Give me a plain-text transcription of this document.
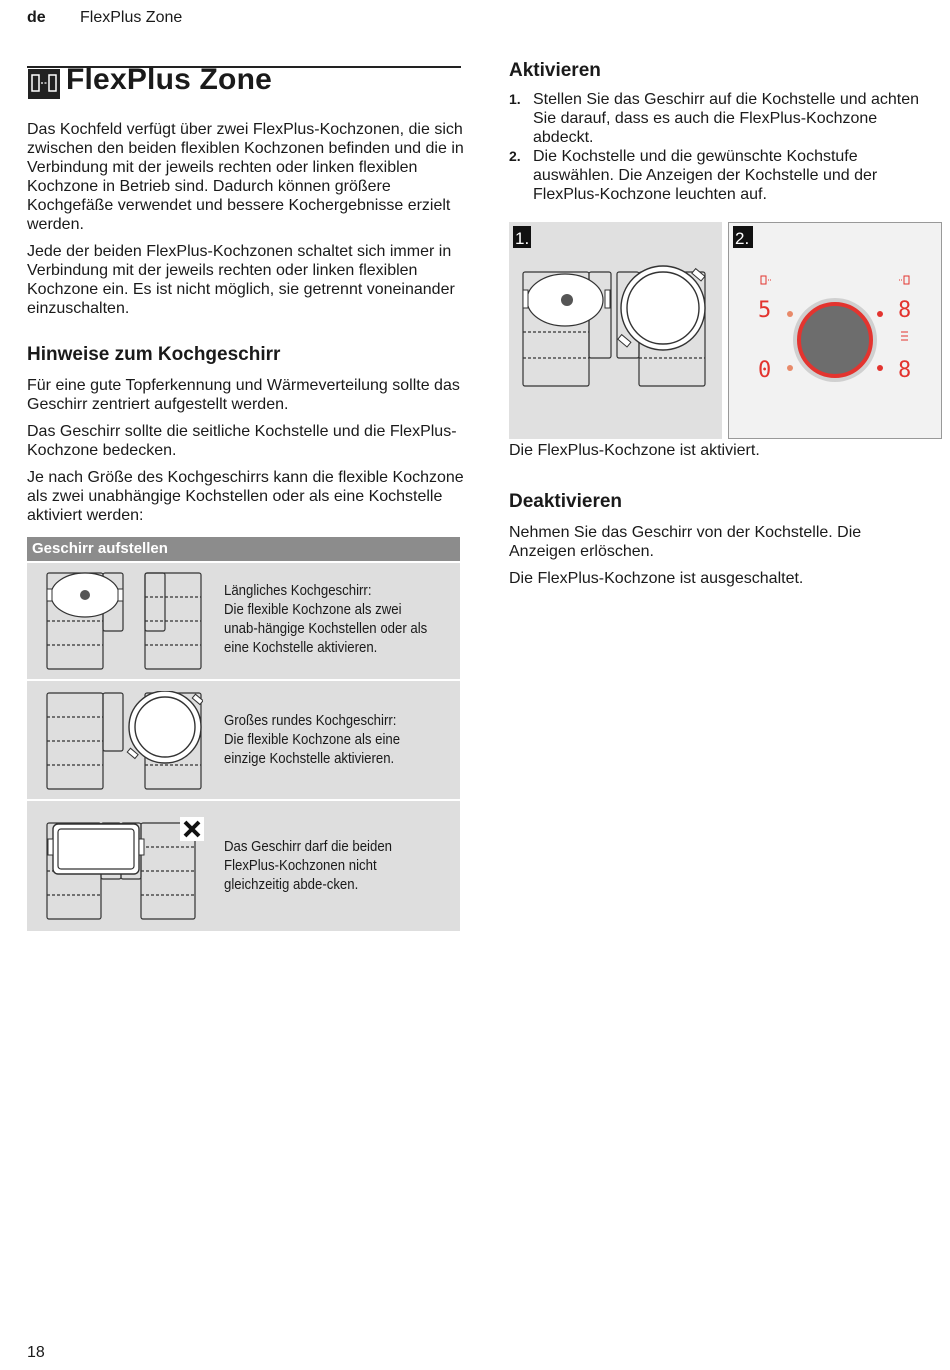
de FlexPlus Zone
FlexPlus Zone

Das Kochfeld verfügt über zwei FlexPlus-Kochzonen, die sich zwischen den beiden flexiblen Kochzonen befinden und die in Verbindung mit der jeweils rechten oder linken flexiblen Kochzone in Betrieb sind. Dadurch können größere Kochgefäße verwendet und bessere Kochergebnisse erzielt werden.

Jede der beiden FlexPlus-Kochzonen schaltet sich immer in Verbindung mit der jeweils rechten oder linken flexiblen Kochzone ein. Es ist nicht möglich, sie getrennt voneinander einzuschalten.

Hinweise zum Kochgeschirr

Für eine gute Topferkennung und Wärmeverteilung sollte das Geschirr zentriert aufgestellt werden.

Das Geschirr sollte die seitliche Kochstelle und die FlexPlus-Kochzone bedecken.

Je nach Größe des Kochgeschirrs kann die flexible Kochzone als zwei unabhängige Kochstellen oder als eine Kochstelle aktiviert werden:

Geschirr aufstellen
Längliches Kochgeschirr:
Die flexible Kochzone als zwei unab-hängige Kochstellen oder als eine Kochstelle aktivieren.
Großes rundes Kochgeschirr:
Die flexible Kochzone als eine einzige Kochstelle aktivieren.
Das Geschirr darf die beiden FlexPlus-Kochzonen nicht gleichzeitig abde-cken.
Aktivieren
1. Stellen Sie das Geschirr auf die Kochstelle und achten Sie darauf, dass es auch die FlexPlus-Kochzone abdeckt.
2. Die Kochstelle und die gewünschte Kochstufe auswählen. Die Anzeigen der Kochstelle und der FlexPlus-Kochzone leuchten auf.
1.	2.
5	8
0	8
Die FlexPlus-Kochzone ist aktiviert.
Deaktivieren

Nehmen Sie das Geschirr von der Kochstelle. Die Anzeigen erlöschen.

Die FlexPlus-Kochzone ist ausgeschaltet.

18
